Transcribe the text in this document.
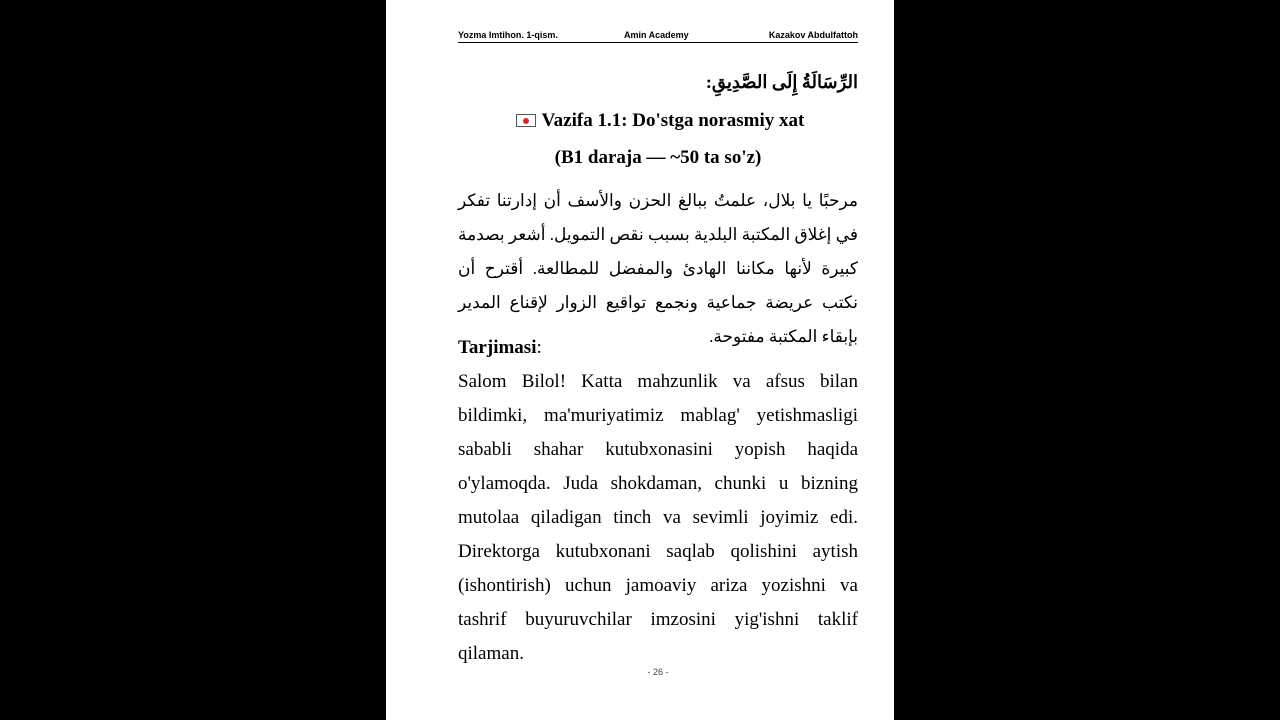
Yozma Imtihon. 1-qism.	Amin Academy	Kazakov Abdulfattoh
الرِّسَالَةُ إِلَى الصَّدِيقِ:
Vazifa 1.1: Do'stga norasmiy xat
(B1 daraja — ~50 ta so'z)
مرحبًا يا بلال، علمتُ ببالغ الحزن والأسف أن إدارتنا تفكر في إغلاق المكتبة البلدية بسبب نقص التمويل. أشعر بصدمة كبيرة لأنها مكاننا الهادئ والمفضل للمطالعة. أقترح أن نكتب عريضة جماعية ونجمع تواقيع الزوار لإقناع المدير بإبقاء المكتبة مفتوحة.
Tarjimasi:
Salom Bilol! Katta mahzunlik va afsus bilan bildimki, ma'muriyatimiz mablag' yetishmasligi sababli shahar kutubxonasini yopish haqida o'ylamoqda. Juda shokdaman, chunki u bizning mutolaa qiladigan tinch va sevimli joyimiz edi. Direktorga kutubxonani saqlab qolishini aytish (ishontirish) uchun jamoaviy ariza yozishni va tashrif buyuruvchilar imzosini yig'ishni taklif qilaman.
- 26 -
